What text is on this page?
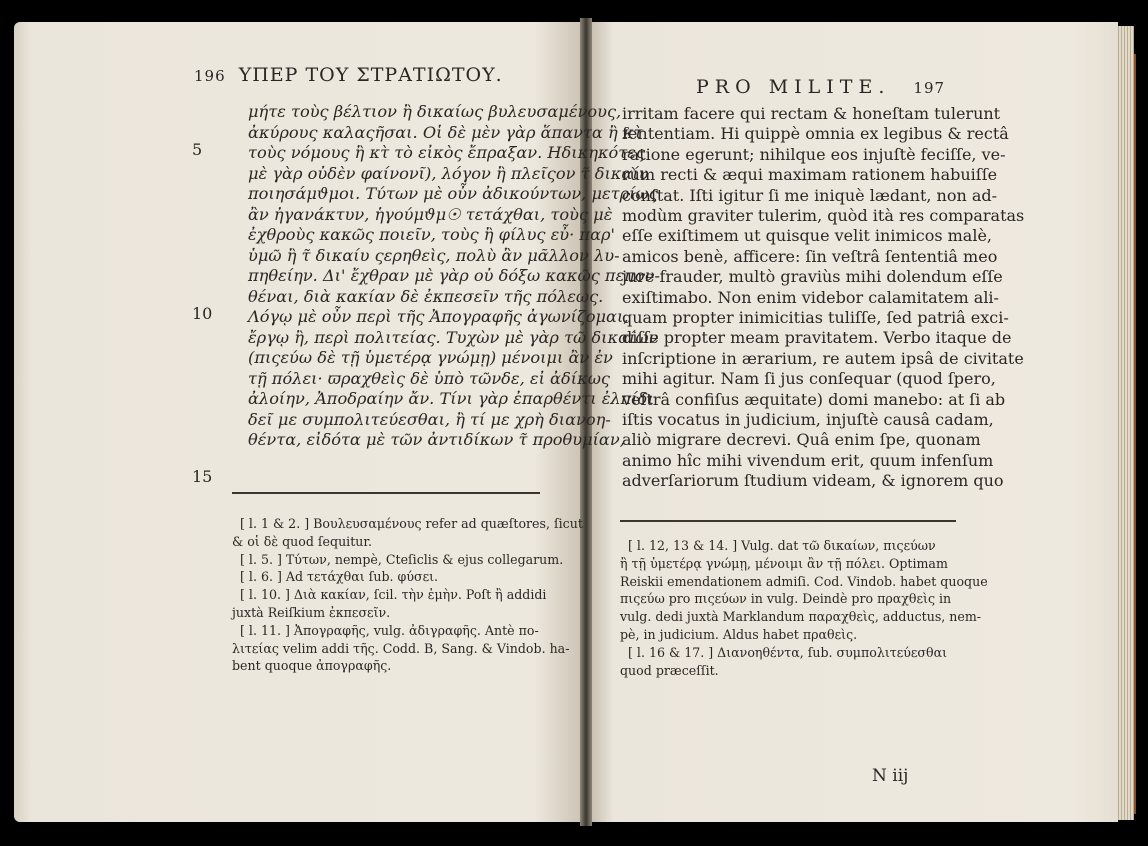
196 ΥΠΕΡ ΤΟΥ ΣΤΡΑΤΙΩΤΟΥ.
μήτε τοὺς βέλτιον ἢ δικαίως βυλευσαμένους,
ἀκύρους καλαςῆσαι. Οἱ δὲ μὲν γὰρ ἅπαντα ἢ κτ̀
τοὺς νόμους ἢ κτ̀ τὸ εἰκὸς ἔπραξαν. Ηδικηκότες
μὲ γὰρ οὐδὲν φαίνονῖ), λόγον ἢ πλεῖςον τ̃ δικαίυ
ποιησάμϑμοι. Τύτων μὲ οὖν ἀδικούντων, μετρίως
ἂν ἠγανάκτυν, ἡγούμϑμ☉ τετάχθαι, τοὺς μὲ
ἐχθροὺς κακῶς ποιεῖν, τοὺς ἢ φίλυς εὖ· παρ'
ὑμῶ ἢ τ̃ δικαίυ ςερηθεὶς, πολὺ ἂν μᾶλλον λυ-
πηθείην. Δι' ἔχθραν μὲ γὰρ οὐ δόξω κακῶς πεπον-
θέναι, διὰ κακίαν δὲ ἐκπεσεῖν τῆς πόλεως.
Λόγῳ μὲ οὖν περὶ τῆς Ἀπογραφῆς ἀγωνίζομαι,
ἔργῳ ἢ, περὶ πολιτείας. Τυχὼν μὲ γὰρ τῶ δικαίων
(πιςεύω δὲ τῇ ὑμετέρᾳ γνώμῃ) μένοιμι ἂν ἐν
τῇ πόλει· ϖραχθεὶς δὲ ὑπὸ τῶνδε, εἰ ἀδίκως
ἀλοίην, Ἀποδραίην ἄν. Τίνι γὰρ ἐπαρθέντι ἐλπίδι
δεῖ με συμπολιτεύεσθαι, ἢ τί με χρὴ διανοη-
θέντα, εἰδότα μὲ τῶν ἀντιδίκων τ̃ προθυμίαν,
5
10
15
[ l. 1 & 2. ] Βουλευσαμένους refer ad quæſtores, ſicut
& οἱ δὲ quod ſequitur.
[ l. 5. ] Τύτων, nempè, Cteſiclis & ejus collegarum.
[ l. 6. ] Ad τετάχθαι ſub. φύσει.
[ l. 10. ] Διὰ κακίαν, ſcil. τὴν ἐμὴν. Poſt ἢ addidi
juxtà Reiſkium ἐκπεσεῖν.
[ l. 11. ] Ἀπογραφῆς, vulg. ἀδιγραφῆς. Antè πο-
λιτείας velim addi τῆς. Codd. B, Sang. & Vindob. ha-
bent quoque ἀπογραφῆς.
PRO MILITE. 197
irritam facere qui rectam & honeſtam tulerunt
ſententiam. Hi quippè omnia ex legibus & rectâ
ratione egerunt; nihilque eos injuſtè feciſſe, ve-
rùm recti & æqui maximam rationem habuiſſe
conſtat. Iſti igitur ſi me iniquè lædant, non ad-
modùm graviter tulerim, quòd ità res comparatas
eſſe exiſtimem ut quisque velit inimicos malè,
amicos benè, afficere: ſin veſtrâ ſententiâ meo
jure frauder, multò graviùs mihi dolendum eſſe
exiſtimabo. Non enim videbor calamitatem ali-
quam propter inimicitias tuliſſe, ſed patriâ exci-
diſſe propter meam pravitatem. Verbo itaque de
inſcriptione in ærarium, re autem ipsâ de civitate
mihi agitur. Nam ſi jus conſequar (quod ſpero,
veſtrâ confiſus æquitate) domi manebo: at ſi ab
iſtis vocatus in judicium, injuſtè causâ cadam,
aliò migrare decrevi. Quâ enim ſpe, quonam
animo hîc mihi vivendum erit, quum infenſum
adverſariorum ſtudium videam, & ignorem quo
[ l. 12, 13 & 14. ] Vulg. dat τῶ δικαίων, πιςεύων
ἢ τῇ ὑμετέρᾳ γνώμῃ, μένοιμι ἂν τῇ πόλει. Optimam
Reiskii emendationem admiſi. Cod. Vindob. habet quoque
πιςεύω pro πιςεύων in vulg. Deindè pro πραχθεὶς in
vulg. dedi juxtà Marklandum παραχθεὶς, adductus, nem-
pè, in judicium. Aldus habet πραθεὶς.
[ l. 16 & 17. ] Διανοηθέντα, ſub. συμπολιτεύεσθαι
quod præceſſit.
N iij
